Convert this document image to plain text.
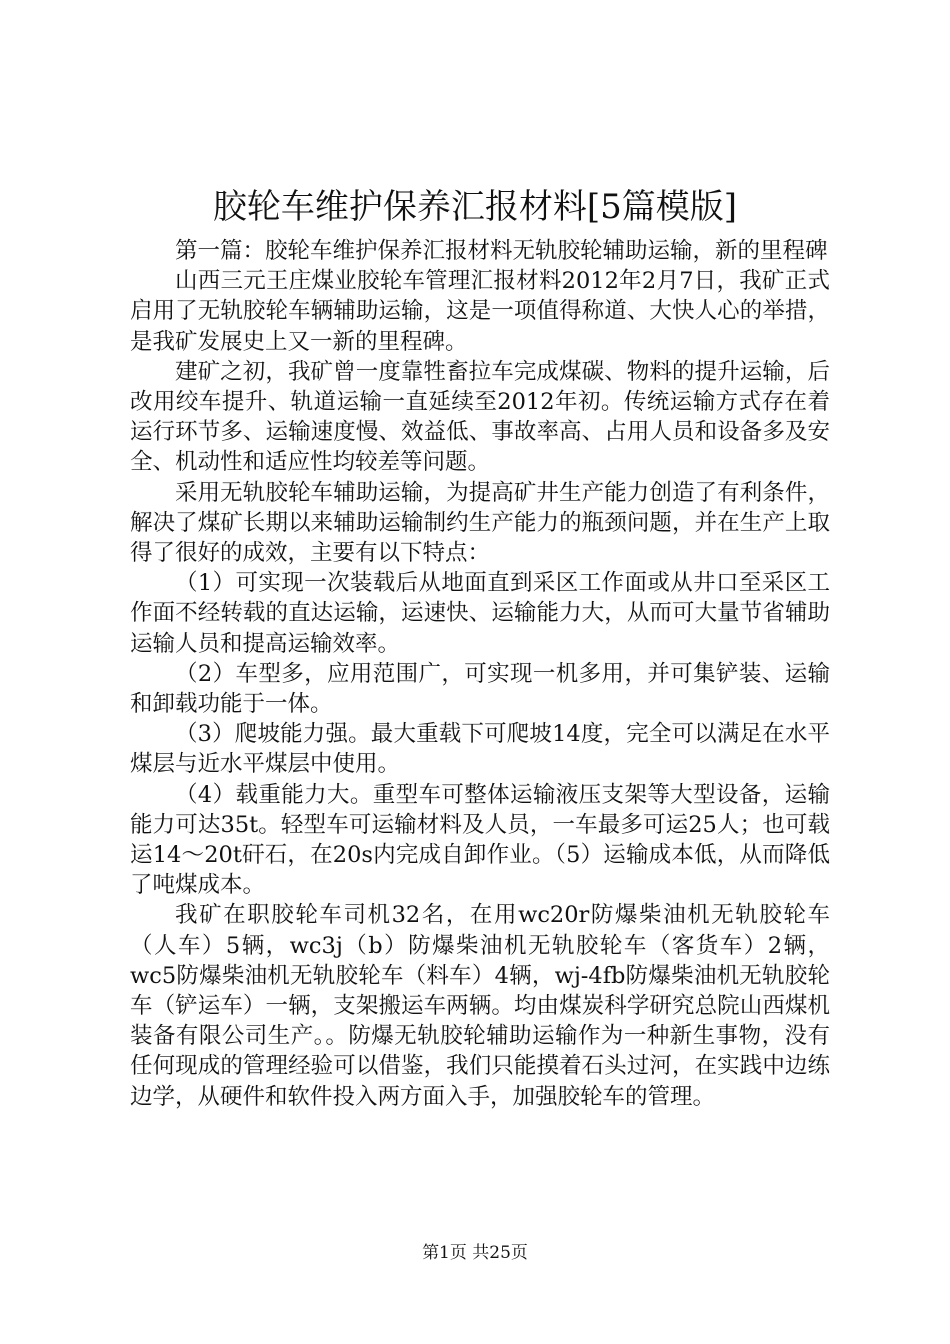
胶轮车维护保养汇报材料[5篇模版]

第一篇：胶轮车维护保养汇报材料无轨胶轮辅助运输，新的里程碑

山西三元王庄煤业胶轮车管理汇报材料2012年2月7日，我矿正式启用了无轨胶轮车辆辅助运输，这是一项值得称道、大快人心的举措，是我矿发展史上又一新的里程碑。

建矿之初，我矿曾一度靠牲畜拉车完成煤碳、物料的提升运输，后改用绞车提升、轨道运输一直延续至2012年初。传统运输方式存在着运行环节多、运输速度慢、效益低、事故率高、占用人员和设备多及安全、机动性和适应性均较差等问题。

采用无轨胶轮车辅助运输，为提高矿井生产能力创造了有利条件，解决了煤矿长期以来辅助运输制约生产能力的瓶颈问题，并在生产上取得了很好的成效，主要有以下特点：

（1）可实现一次装载后从地面直到采区工作面或从井口至采区工作面不经转载的直达运输，运速快、运输能力大，从而可大量节省辅助运输人员和提高运输效率。

（2）车型多，应用范围广，可实现一机多用，并可集铲装、运输和卸载功能于一体。

（3）爬坡能力强。最大重载下可爬坡14度，完全可以满足在水平煤层与近水平煤层中使用。

（4）载重能力大。重型车可整体运输液压支架等大型设备，运输能力可达35t。轻型车可运输材料及人员，一车最多可运25人；也可载运14～20t矸石，在20s内完成自卸作业。（5）运输成本低，从而降低了吨煤成本。

我矿在职胶轮车司机32名，在用wc20r防爆柴油机无轨胶轮车（人车）5辆，wc3j（b）防爆柴油机无轨胶轮车（客货车）2辆，wc5防爆柴油机无轨胶轮车（料车）4辆，wj-4fb防爆柴油机无轨胶轮车（铲运车）一辆，支架搬运车两辆。均由煤炭科学研究总院山西煤机装备有限公司生产。。防爆无轨胶轮辅助运输作为一种新生事物，没有任何现成的管理经验可以借鉴，我们只能摸着石头过河，在实践中边练边学，从硬件和软件投入两方面入手，加强胶轮车的管理。

第1页 共25页
